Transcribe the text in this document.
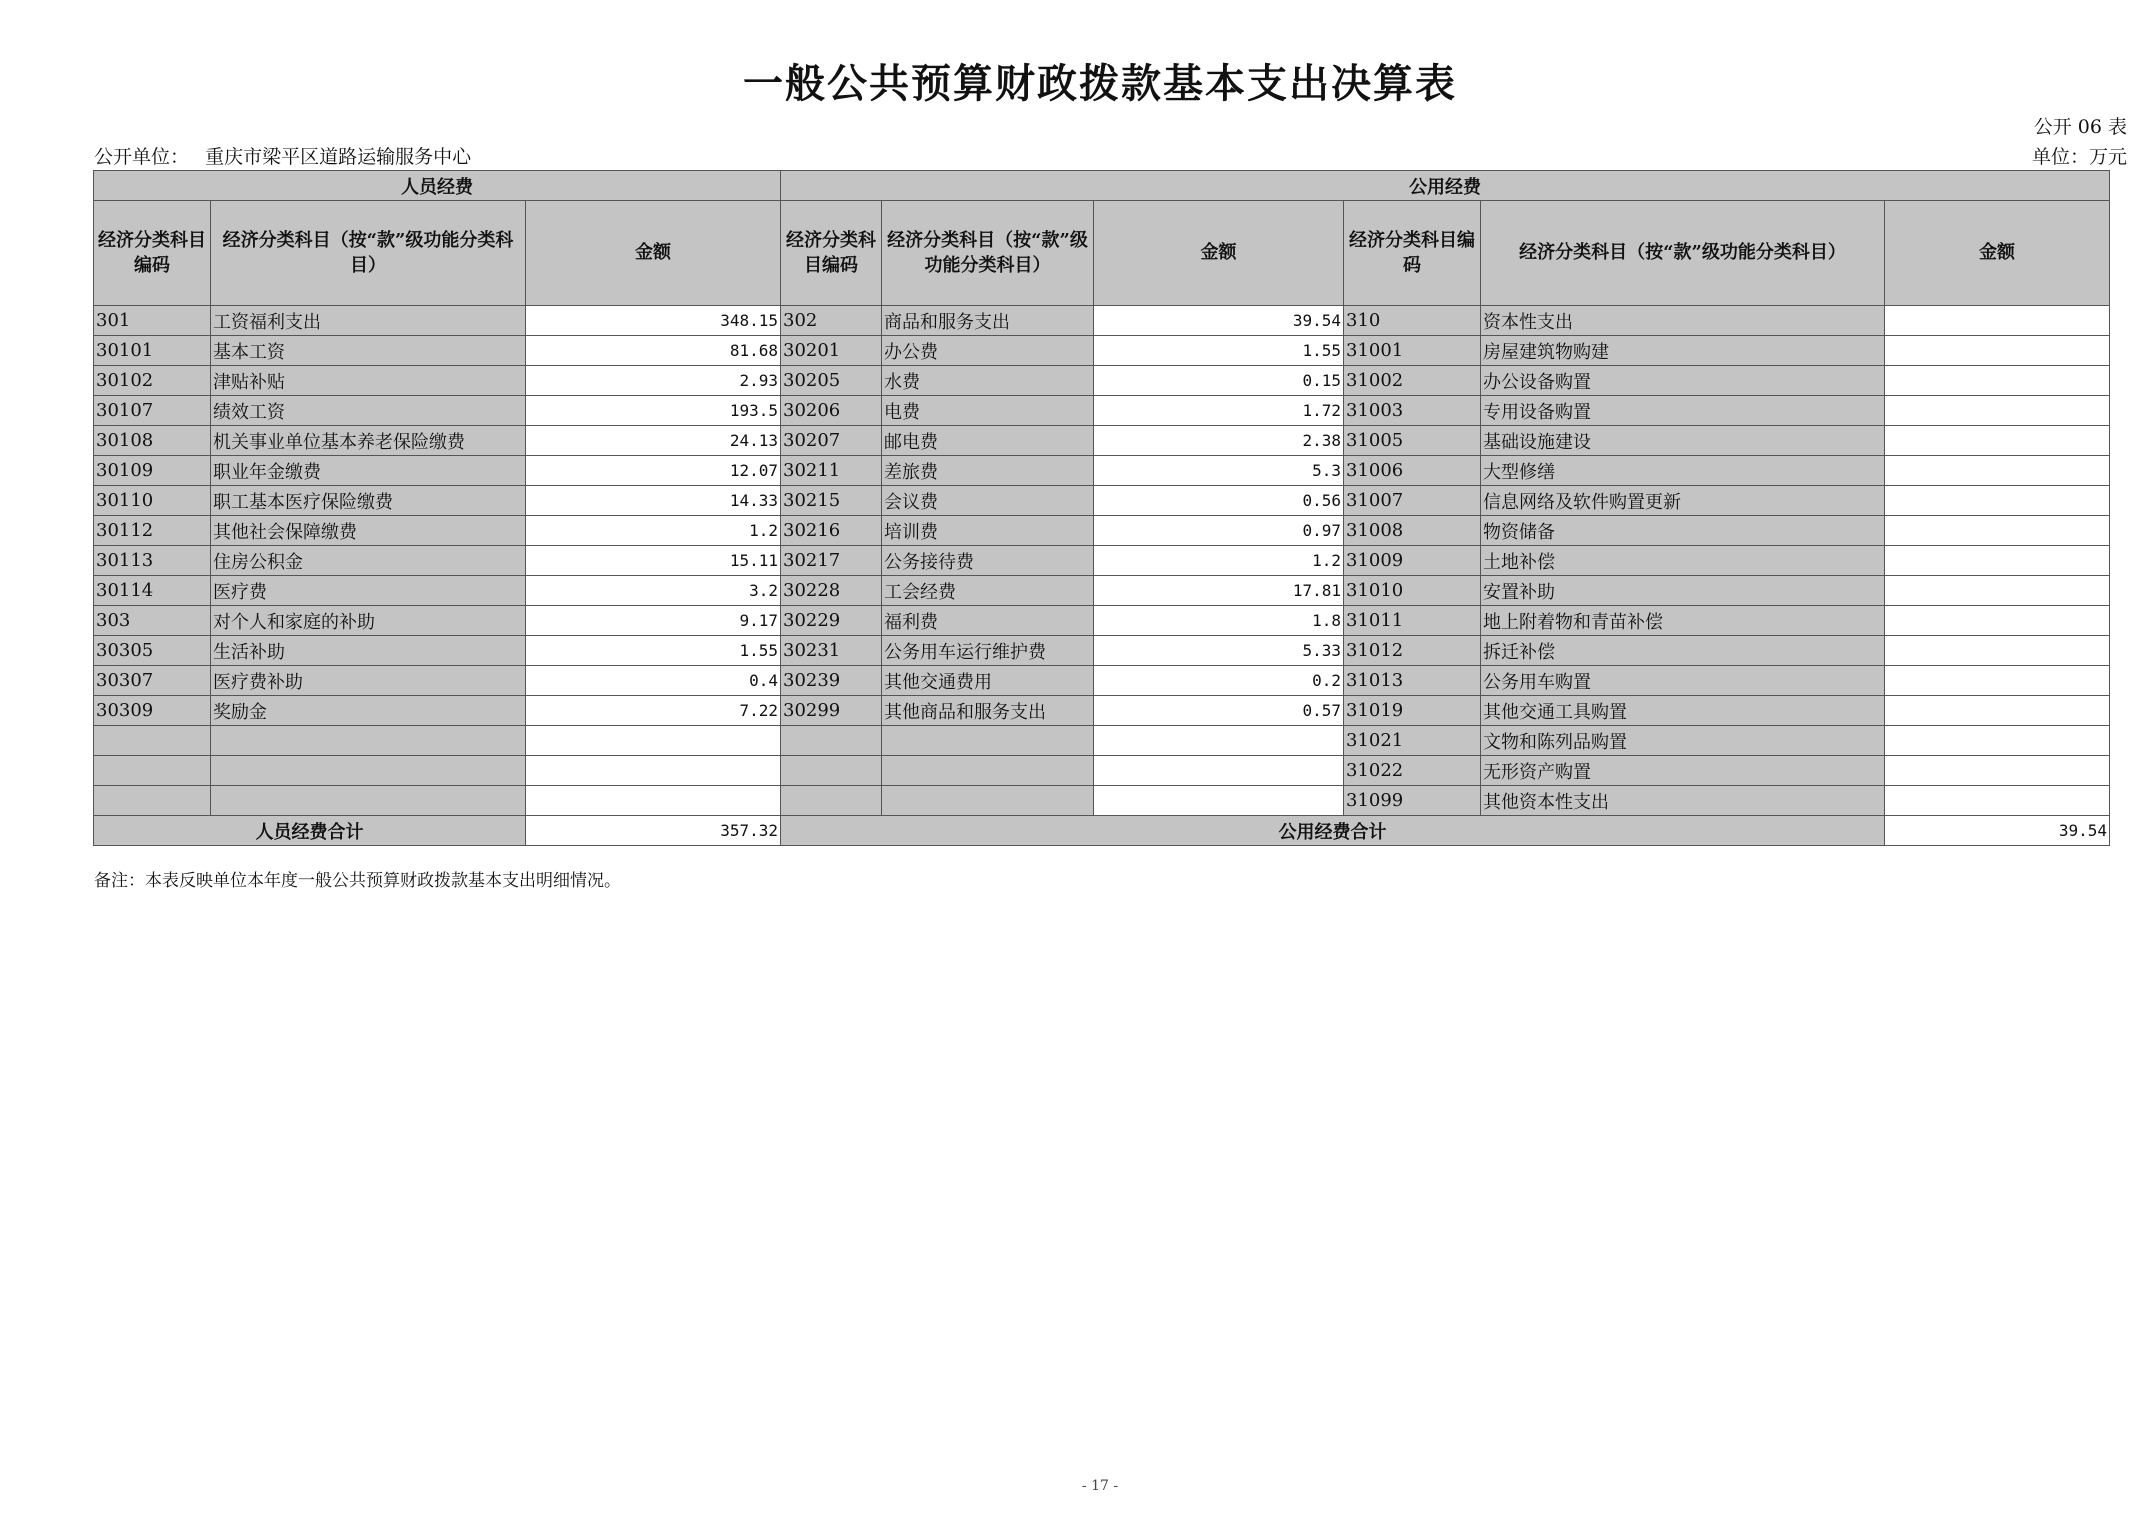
一般公共预算财政拨款基本支出决算表
公开 06 表
公开单位： 重庆市梁平区道路运输服务中心	单位：万元
人员经费			公用经费					
经济分类科目编码	经济分类科目（按“款”级功能分类科目）	金额	经济分类科目编码	经济分类科目（按“款”级功能分类科目）	金额	经济分类科目编码	经济分类科目（按“款”级功能分类科目）	金额
301	工资福利支出	348.15	302	商品和服务支出	39.54	310	资本性支出	
30101	基本工资	81.68	30201	办公费	1.55	31001	房屋建筑物购建	
30102	津贴补贴	2.93	30205	水费	0.15	31002	办公设备购置	
30107	绩效工资	193.5	30206	电费	1.72	31003	专用设备购置	
30108	机关事业单位基本养老保险缴费	24.13	30207	邮电费	2.38	31005	基础设施建设	
30109	职业年金缴费	12.07	30211	差旅费	5.3	31006	大型修缮	
30110	职工基本医疗保险缴费	14.33	30215	会议费	0.56	31007	信息网络及软件购置更新	
30112	其他社会保障缴费	1.2	30216	培训费	0.97	31008	物资储备	
30113	住房公积金	15.11	30217	公务接待费	1.2	31009	土地补偿	
30114	医疗费	3.2	30228	工会经费	17.81	31010	安置补助	
303	对个人和家庭的补助	9.17	30229	福利费	1.8	31011	地上附着物和青苗补偿	
30305	生活补助	1.55	30231	公务用车运行维护费	5.33	31012	拆迁补偿	
30307	医疗费补助	0.4	30239	其他交通费用	0.2	31013	公务用车购置	
30309	奖励金	7.22	30299	其他商品和服务支出	0.57	31019	其他交通工具购置	
						31021	文物和陈列品购置	
						31022	无形资产购置	
						31099	其他资本性支出	
人员经费合计		357.32	公用经费合计					39.54
备注：本表反映单位本年度一般公共预算财政拨款基本支出明细情况。
- 17 -
